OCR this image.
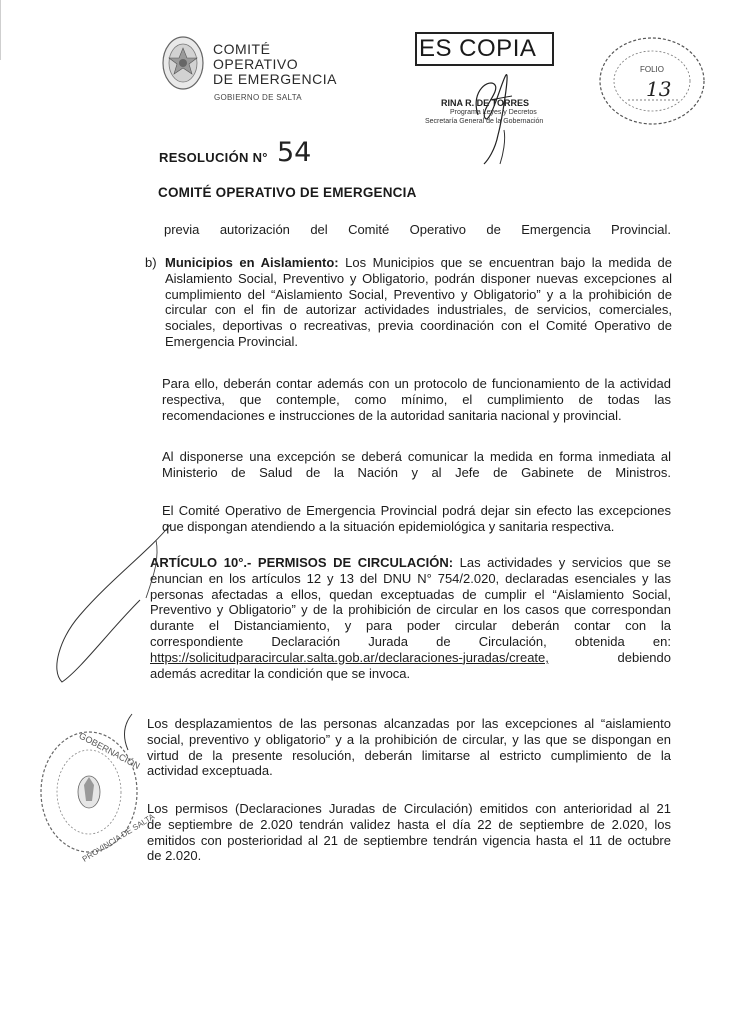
COMITÉ
OPERATIVO
DE EMERGENCIA
GOBIERNO DE SALTA
ES COPIA
RINA R. DE TORRES
Programa Leyes y Decretos
Secretaría General de la Gobernación
FOLIO
13
RESOLUCIÓN N° 54
COMITÉ OPERATIVO DE EMERGENCIA
previa autorización del Comité Operativo de Emergencia Provincial.
b) Municipios en Aislamiento: Los Municipios que se encuentran bajo la medida de
Aislamiento Social, Preventivo y Obligatorio, podrán disponer nuevas excepciones al
cumplimiento del “Aislamiento Social, Preventivo y Obligatorio” y a la prohibición de
circular con el fin de autorizar actividades industriales, de servicios, comerciales,
sociales, deportivas o recreativas, previa coordinación con el Comité Operativo de
Emergencia Provincial.
Para ello, deberán contar además con un protocolo de funcionamiento de la actividad
respectiva, que contemple, como mínimo, el cumplimiento de todas las
recomendaciones e instrucciones de la autoridad sanitaria nacional y provincial.
Al disponerse una excepción se deberá comunicar la medida en forma inmediata al
Ministerio de Salud de la Nación y al Jefe de Gabinete de Ministros.
El Comité Operativo de Emergencia Provincial podrá dejar sin efecto las excepciones
que dispongan atendiendo a la situación epidemiológica y sanitaria respectiva.
ARTÍCULO 10°.- PERMISOS DE CIRCULACIÓN: Las actividades y servicios que se
enuncian en los artículos 12 y 13 del DNU N° 754/2.020, declaradas esenciales y las
personas afectadas a ellos, quedan exceptuadas de cumplir el “Aislamiento Social,
Preventivo y Obligatorio” y de la prohibición de circular en los casos que correspondan
durante el Distanciamiento, y para poder circular deberán contar con la
correspondiente Declaración Jurada de Circulación, obtenida en:
https://solicitudparacircular.salta.gob.ar/declaraciones-juradas/create,	debiendo
además acreditar la condición que se invoca.
Los desplazamientos de las personas alcanzadas por las excepciones al “aislamiento
social, preventivo y obligatorio” y a la prohibición de circular, y las que se dispongan en
virtud de la presente resolución, deberán limitarse al estricto cumplimiento de la
actividad exceptuada.
Los permisos (Declaraciones Juradas de Circulación) emitidos con anterioridad al 21
de septiembre de 2.020 tendrán validez hasta el día 22 de septiembre de 2.020, los
emitidos con posterioridad al 21 de septiembre tendrán vigencia hasta el 11 de octubre
de 2.020.
GOBERNACIÓN
PROVINCIA DE SALTA
